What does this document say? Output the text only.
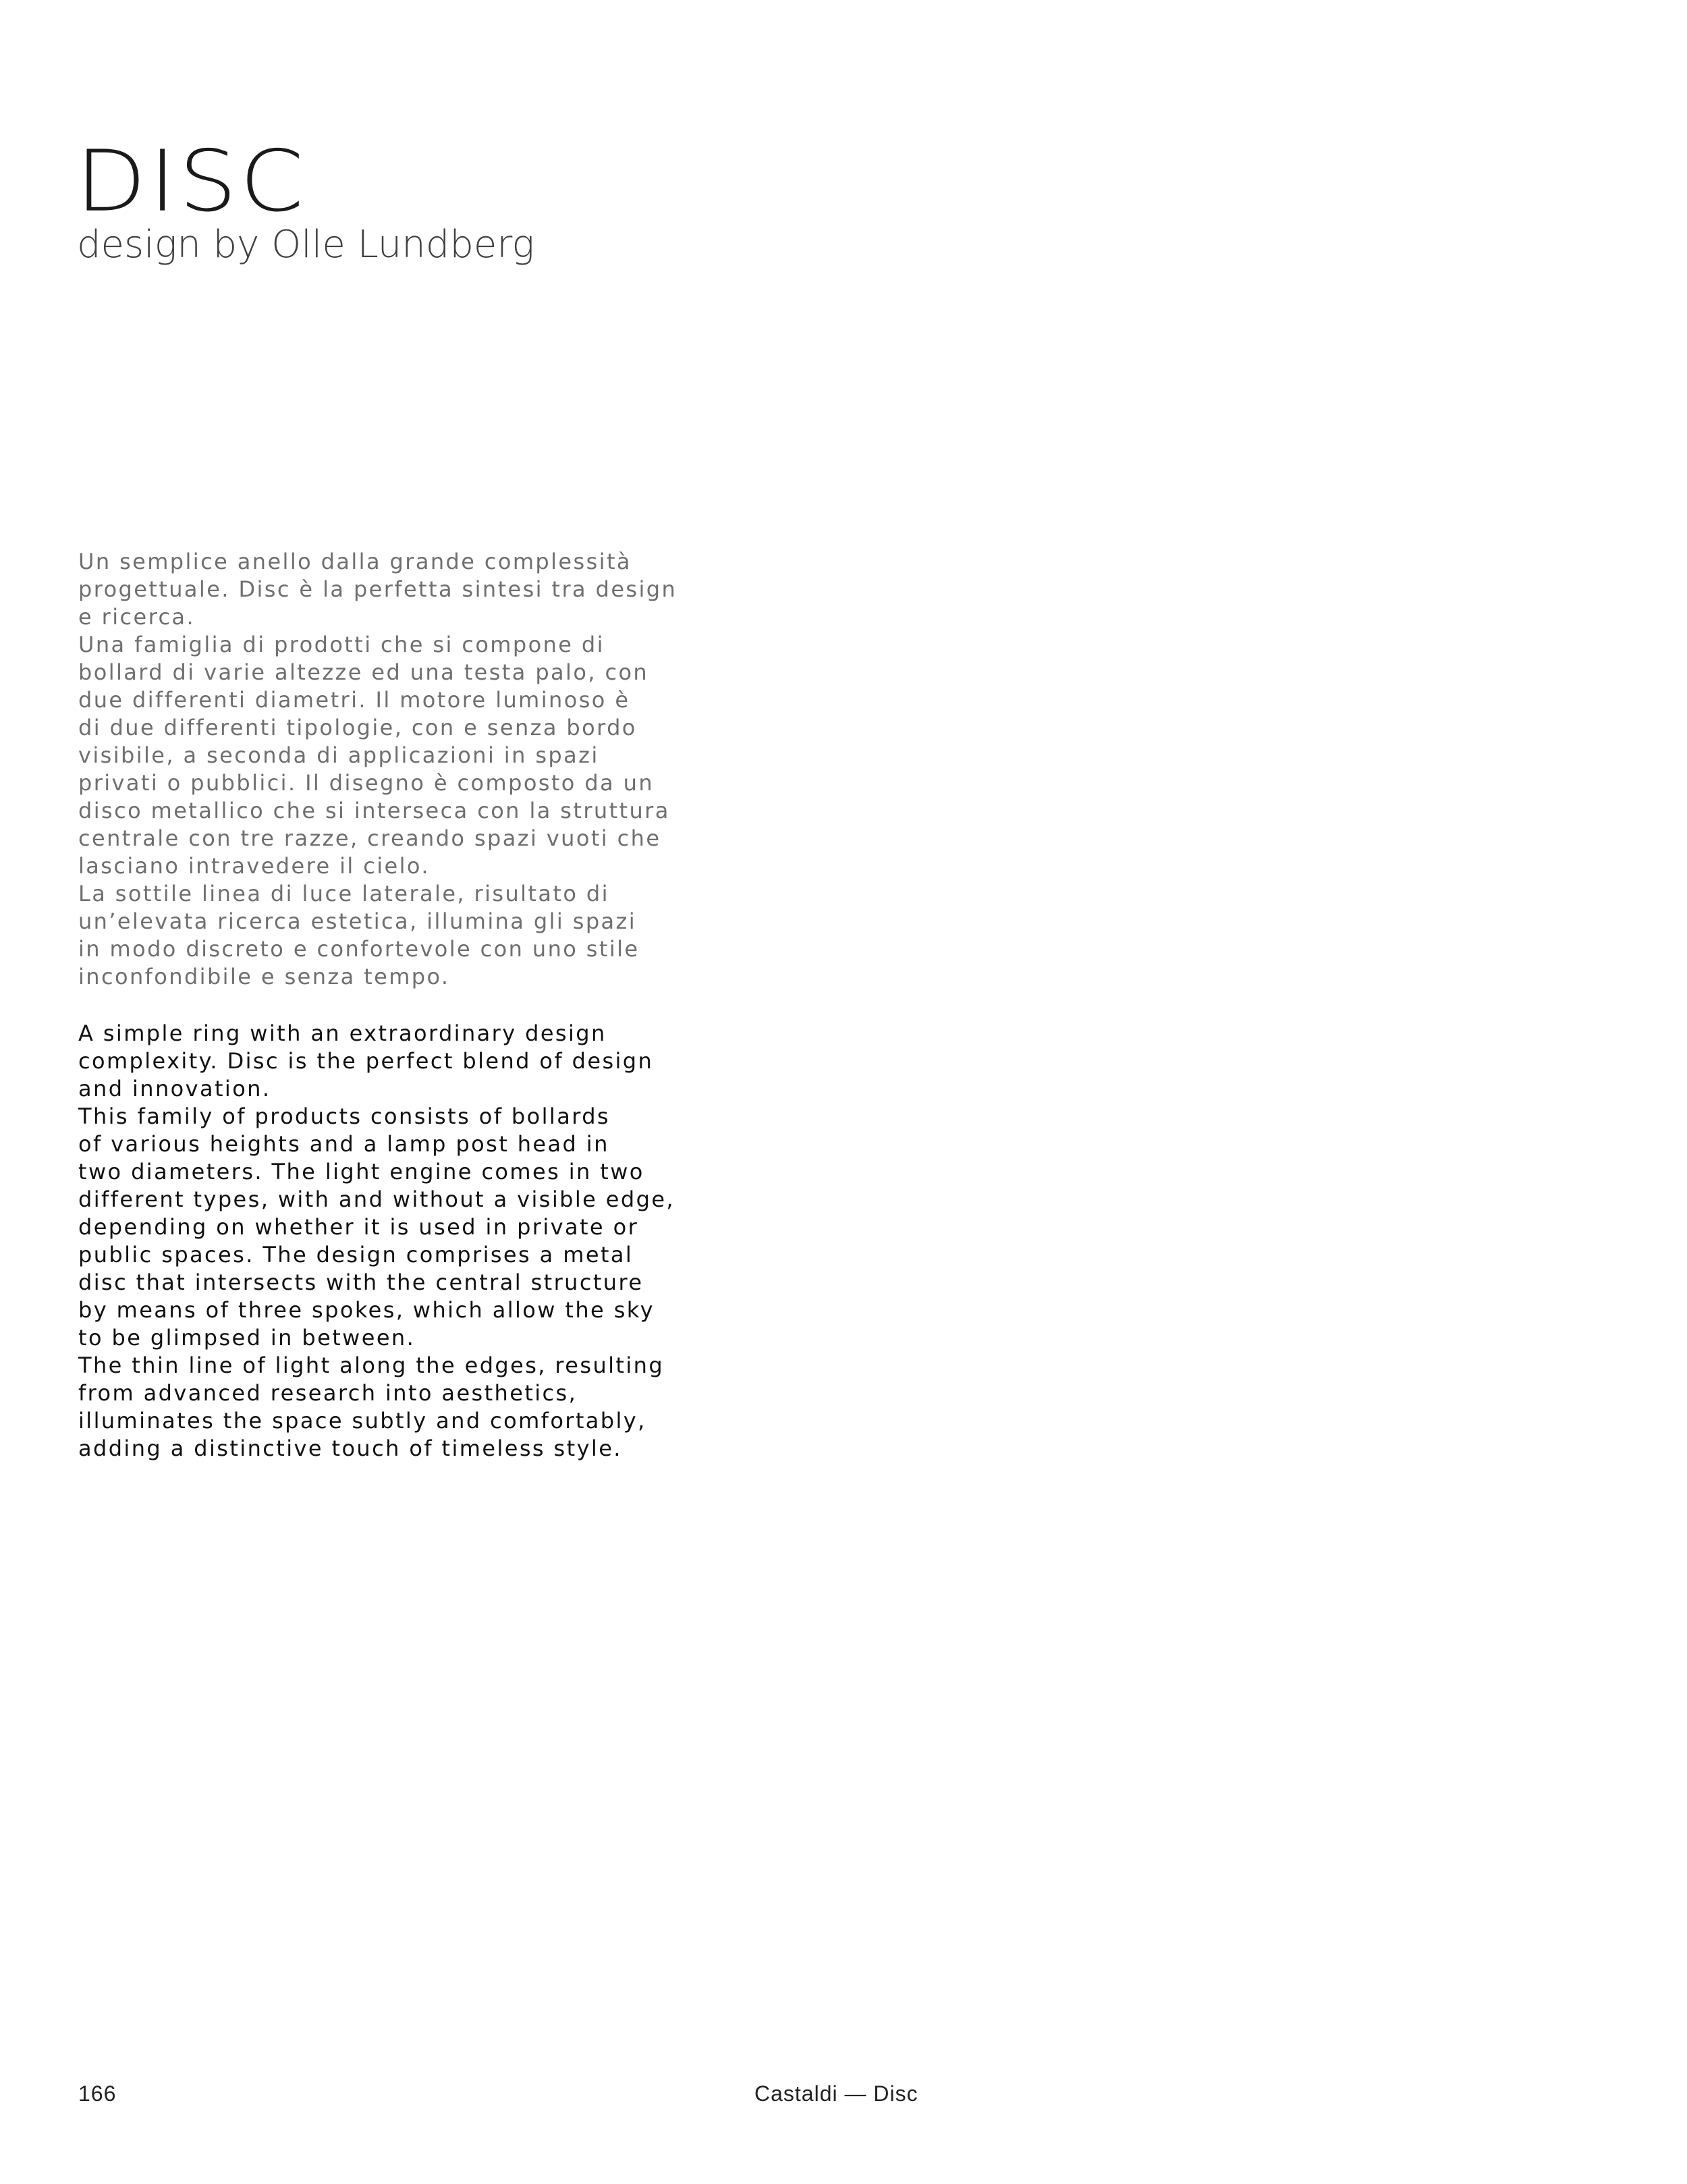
DISC
design by Olle Lundberg
Un semplice anello dalla grande complessità
progettuale. Disc è la perfetta sintesi tra design
e ricerca.
Una famiglia di prodotti che si compone di
bollard di varie altezze ed una testa palo, con
due differenti diametri. Il motore luminoso è
di due differenti tipologie, con e senza bordo
visibile, a seconda di applicazioni in spazi
privati o pubblici. Il disegno è composto da un
disco metallico che si interseca con la struttura
centrale con tre razze, creando spazi vuoti che
lasciano intravedere il cielo.
La sottile linea di luce laterale, risultato di
un’elevata ricerca estetica, illumina gli spazi
in modo discreto e confortevole con uno stile
inconfondibile e senza tempo.
A simple ring with an extraordinary design
complexity. Disc is the perfect blend of design
and innovation.
This family of products consists of bollards
of various heights and a lamp post head in
two diameters. The light engine comes in two
different types, with and without a visible edge,
depending on whether it is used in private or
public spaces. The design comprises a metal
disc that intersects with the central structure
by means of three spokes, which allow the sky
to be glimpsed in between.
The thin line of light along the edges, resulting
from advanced research into aesthetics,
illuminates the space subtly and comfortably,
adding a distinctive touch of timeless style.
166	Castaldi — Disc
